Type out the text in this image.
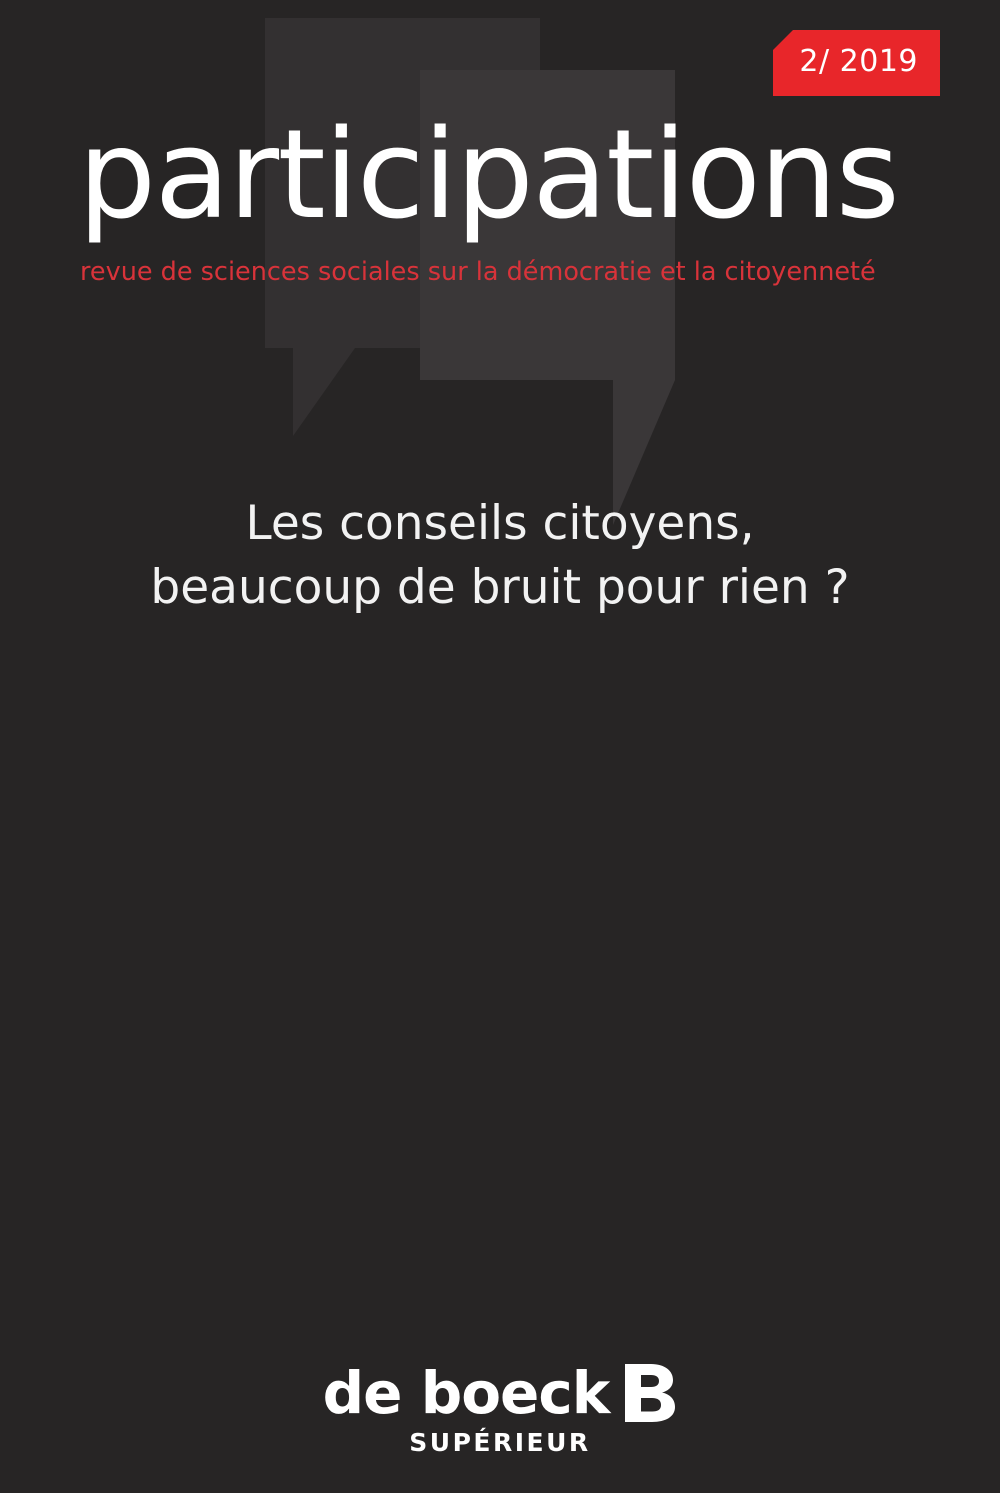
2/ 2019
participations
revue de sciences sociales sur la démocratie et la citoyenneté
Les conseils citoyens,
beaucoup de bruit pour rien ?
de boeck
SUPÉRIEUR
